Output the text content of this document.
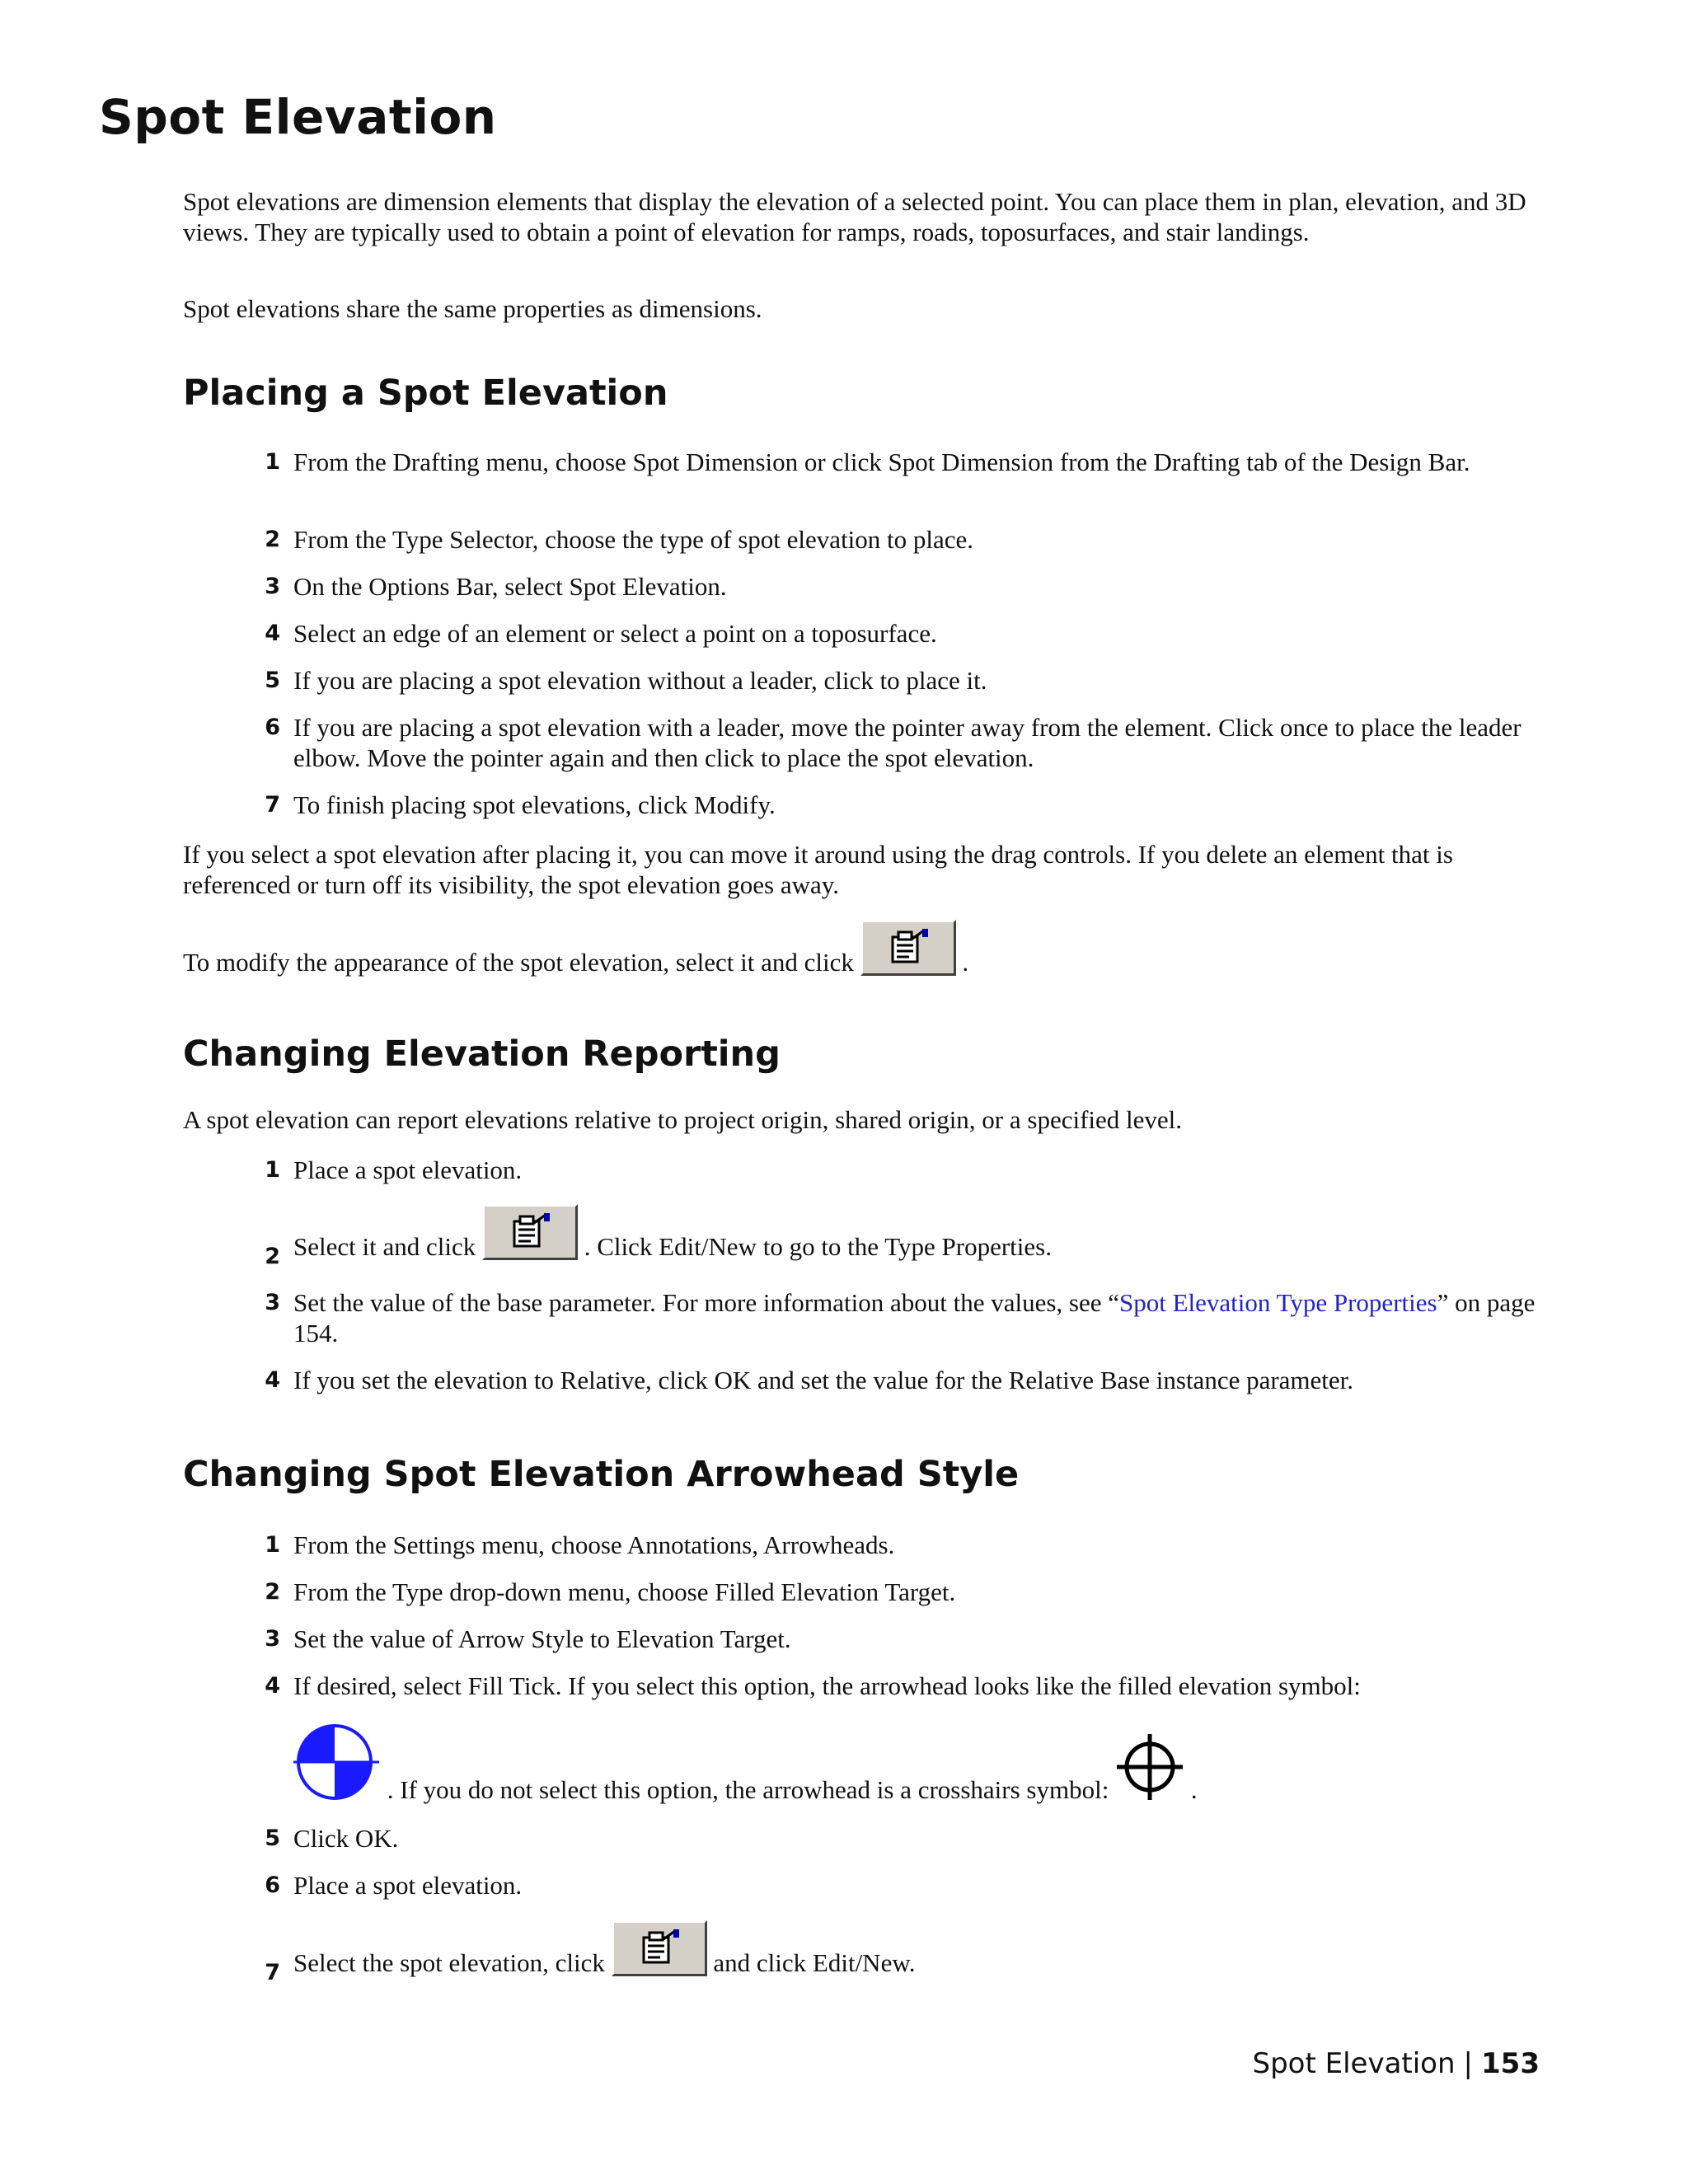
Spot Elevation

Spot elevations are dimension elements that display the elevation of a selected point. You can place them in plan, elevation, and 3D views. They are typically used to obtain a point of elevation for ramps, roads, toposurfaces, and stair landings.

Spot elevations share the same properties as dimensions.

Placing a Spot Elevation
1 From the Drafting menu, choose Spot Dimension or click Spot Dimension from the Drafting tab of the Design Bar.
2 From the Type Selector, choose the type of spot elevation to place.
3 On the Options Bar, select Spot Elevation.
4 Select an edge of an element or select a point on a toposurface.
5 If you are placing a spot elevation without a leader, click to place it.
6 If you are placing a spot elevation with a leader, move the pointer away from the element. Click once to place the leader elbow. Move the pointer again and then click to place the spot elevation.
7 To finish placing spot elevations, click Modify.

If you select a spot elevation after placing it, you can move it around using the drag controls. If you delete an element that is referenced or turn off its visibility, the spot elevation goes away.

To modify the appearance of the spot elevation, select it and click	.

Changing Elevation Reporting

A spot elevation can report elevations relative to project origin, shared origin, or a specified level.

1 Place a spot elevation.
2 Select it and click	. Click Edit/New to go to the Type Properties.
3 Set the value of the base parameter. For more information about the values, see “Spot Elevation Type Properties” on page 154.
4 If you set the elevation to Relative, click OK and set the value for the Relative Base instance parameter.
Changing Spot Elevation Arrowhead Style
1 From the Settings menu, choose Annotations, Arrowheads.
2 From the Type drop-down menu, choose Filled Elevation Target.
3 Set the value of Arrow Style to Elevation Target.
4 If desired, select Fill Tick. If you select this option, the arrowhead looks like the filled elevation symbol:
. If you do not select this option, the arrowhead is a crosshairs symbol:	.
5 Click OK.
6 Place a spot elevation.
7 Select the spot elevation, click	and click Edit/New.
Spot Elevation | 153
